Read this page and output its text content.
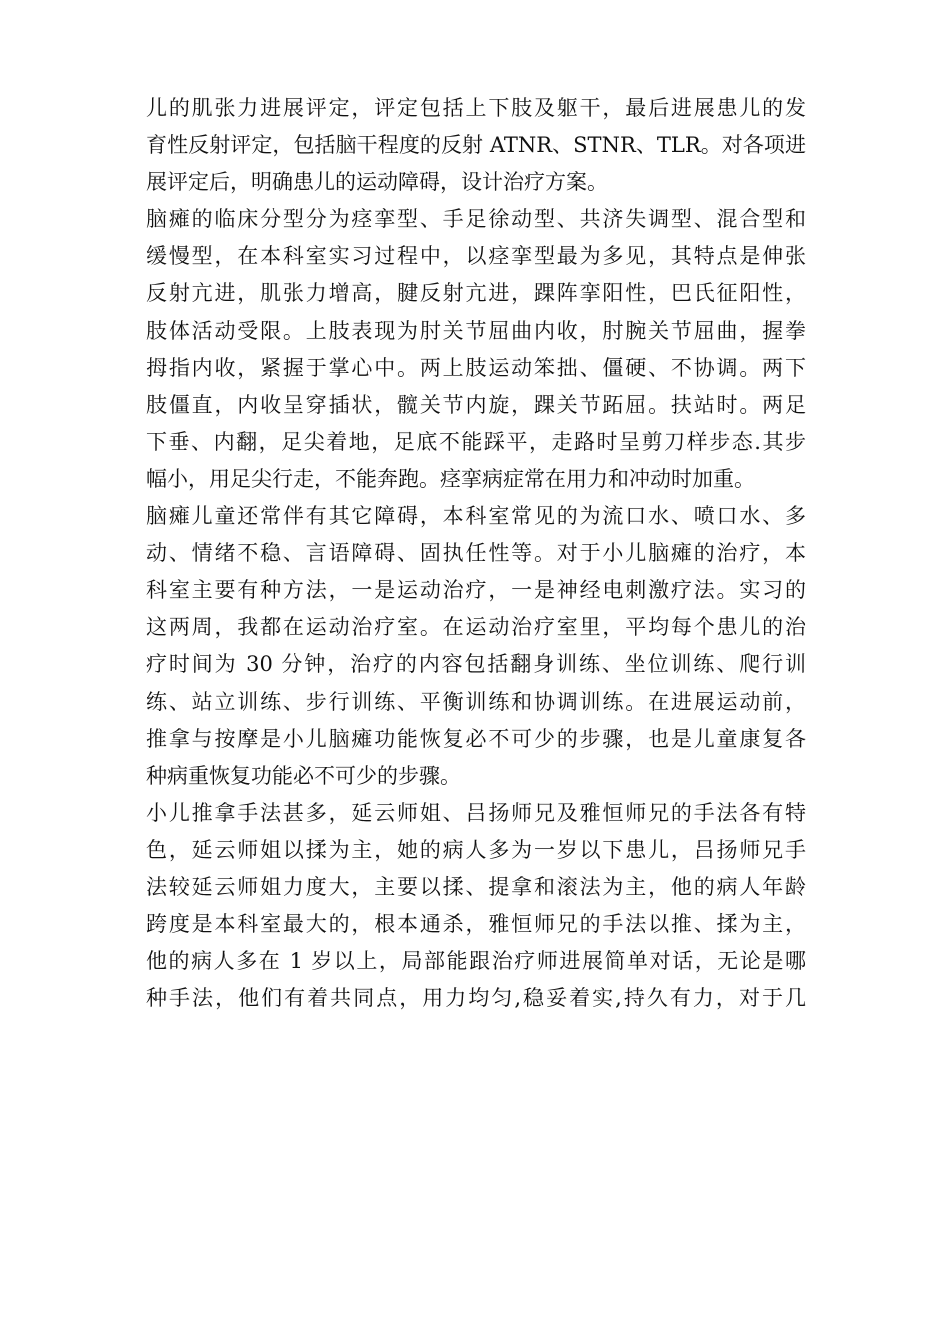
儿的肌张力进展评定，评定包括上下肢及躯干，最后进展患儿的发
育性反射评定，包括脑干程度的反射 ATNR、STNR、TLR。对各项进
展评定后，明确患儿的运动障碍，设计治疗方案。
脑瘫的临床分型分为痉挛型、手足徐动型、共济失调型、混合型和
缓慢型，在本科室实习过程中，以痉挛型最为多见，其特点是伸张
反射亢进，肌张力增高，腱反射亢进，踝阵挛阳性，巴氏征阳性，
肢体活动受限。上肢表现为肘关节屈曲内收，肘腕关节屈曲，握拳
拇指内收，紧握于掌心中。两上肢运动笨拙、僵硬、不协调。两下
肢僵直，内收呈穿插状，髋关节内旋，踝关节跖屈。扶站时。两足
下垂、内翻，足尖着地，足底不能踩平，走路时呈剪刀样步态.其步
幅小，用足尖行走，不能奔跑。痉挛病症常在用力和冲动时加重。
脑瘫儿童还常伴有其它障碍，本科室常见的为流口水、喷口水、多
动、情绪不稳、言语障碍、固执任性等。对于小儿脑瘫的治疗，本
科室主要有种方法，一是运动治疗，一是神经电刺激疗法。实习的
这两周，我都在运动治疗室。在运动治疗室里，平均每个患儿的治
疗时间为 30 分钟，治疗的内容包括翻身训练、坐位训练、爬行训
练、站立训练、步行训练、平衡训练和协调训练。在进展运动前，
推拿与按摩是小儿脑瘫功能恢复必不可少的步骤，也是儿童康复各
种病重恢复功能必不可少的步骤。
小儿推拿手法甚多，延云师姐、吕扬师兄及雅恒师兄的手法各有特
色，延云师姐以揉为主，她的病人多为一岁以下患儿，吕扬师兄手
法较延云师姐力度大，主要以揉、提拿和滚法为主，他的病人年龄
跨度是本科室最大的，根本通杀，雅恒师兄的手法以推、揉为主，
他的病人多在 1 岁以上，局部能跟治疗师进展简单对话，无论是哪
种手法，他们有着共同点，用力均匀,稳妥着实,持久有力，对于几
